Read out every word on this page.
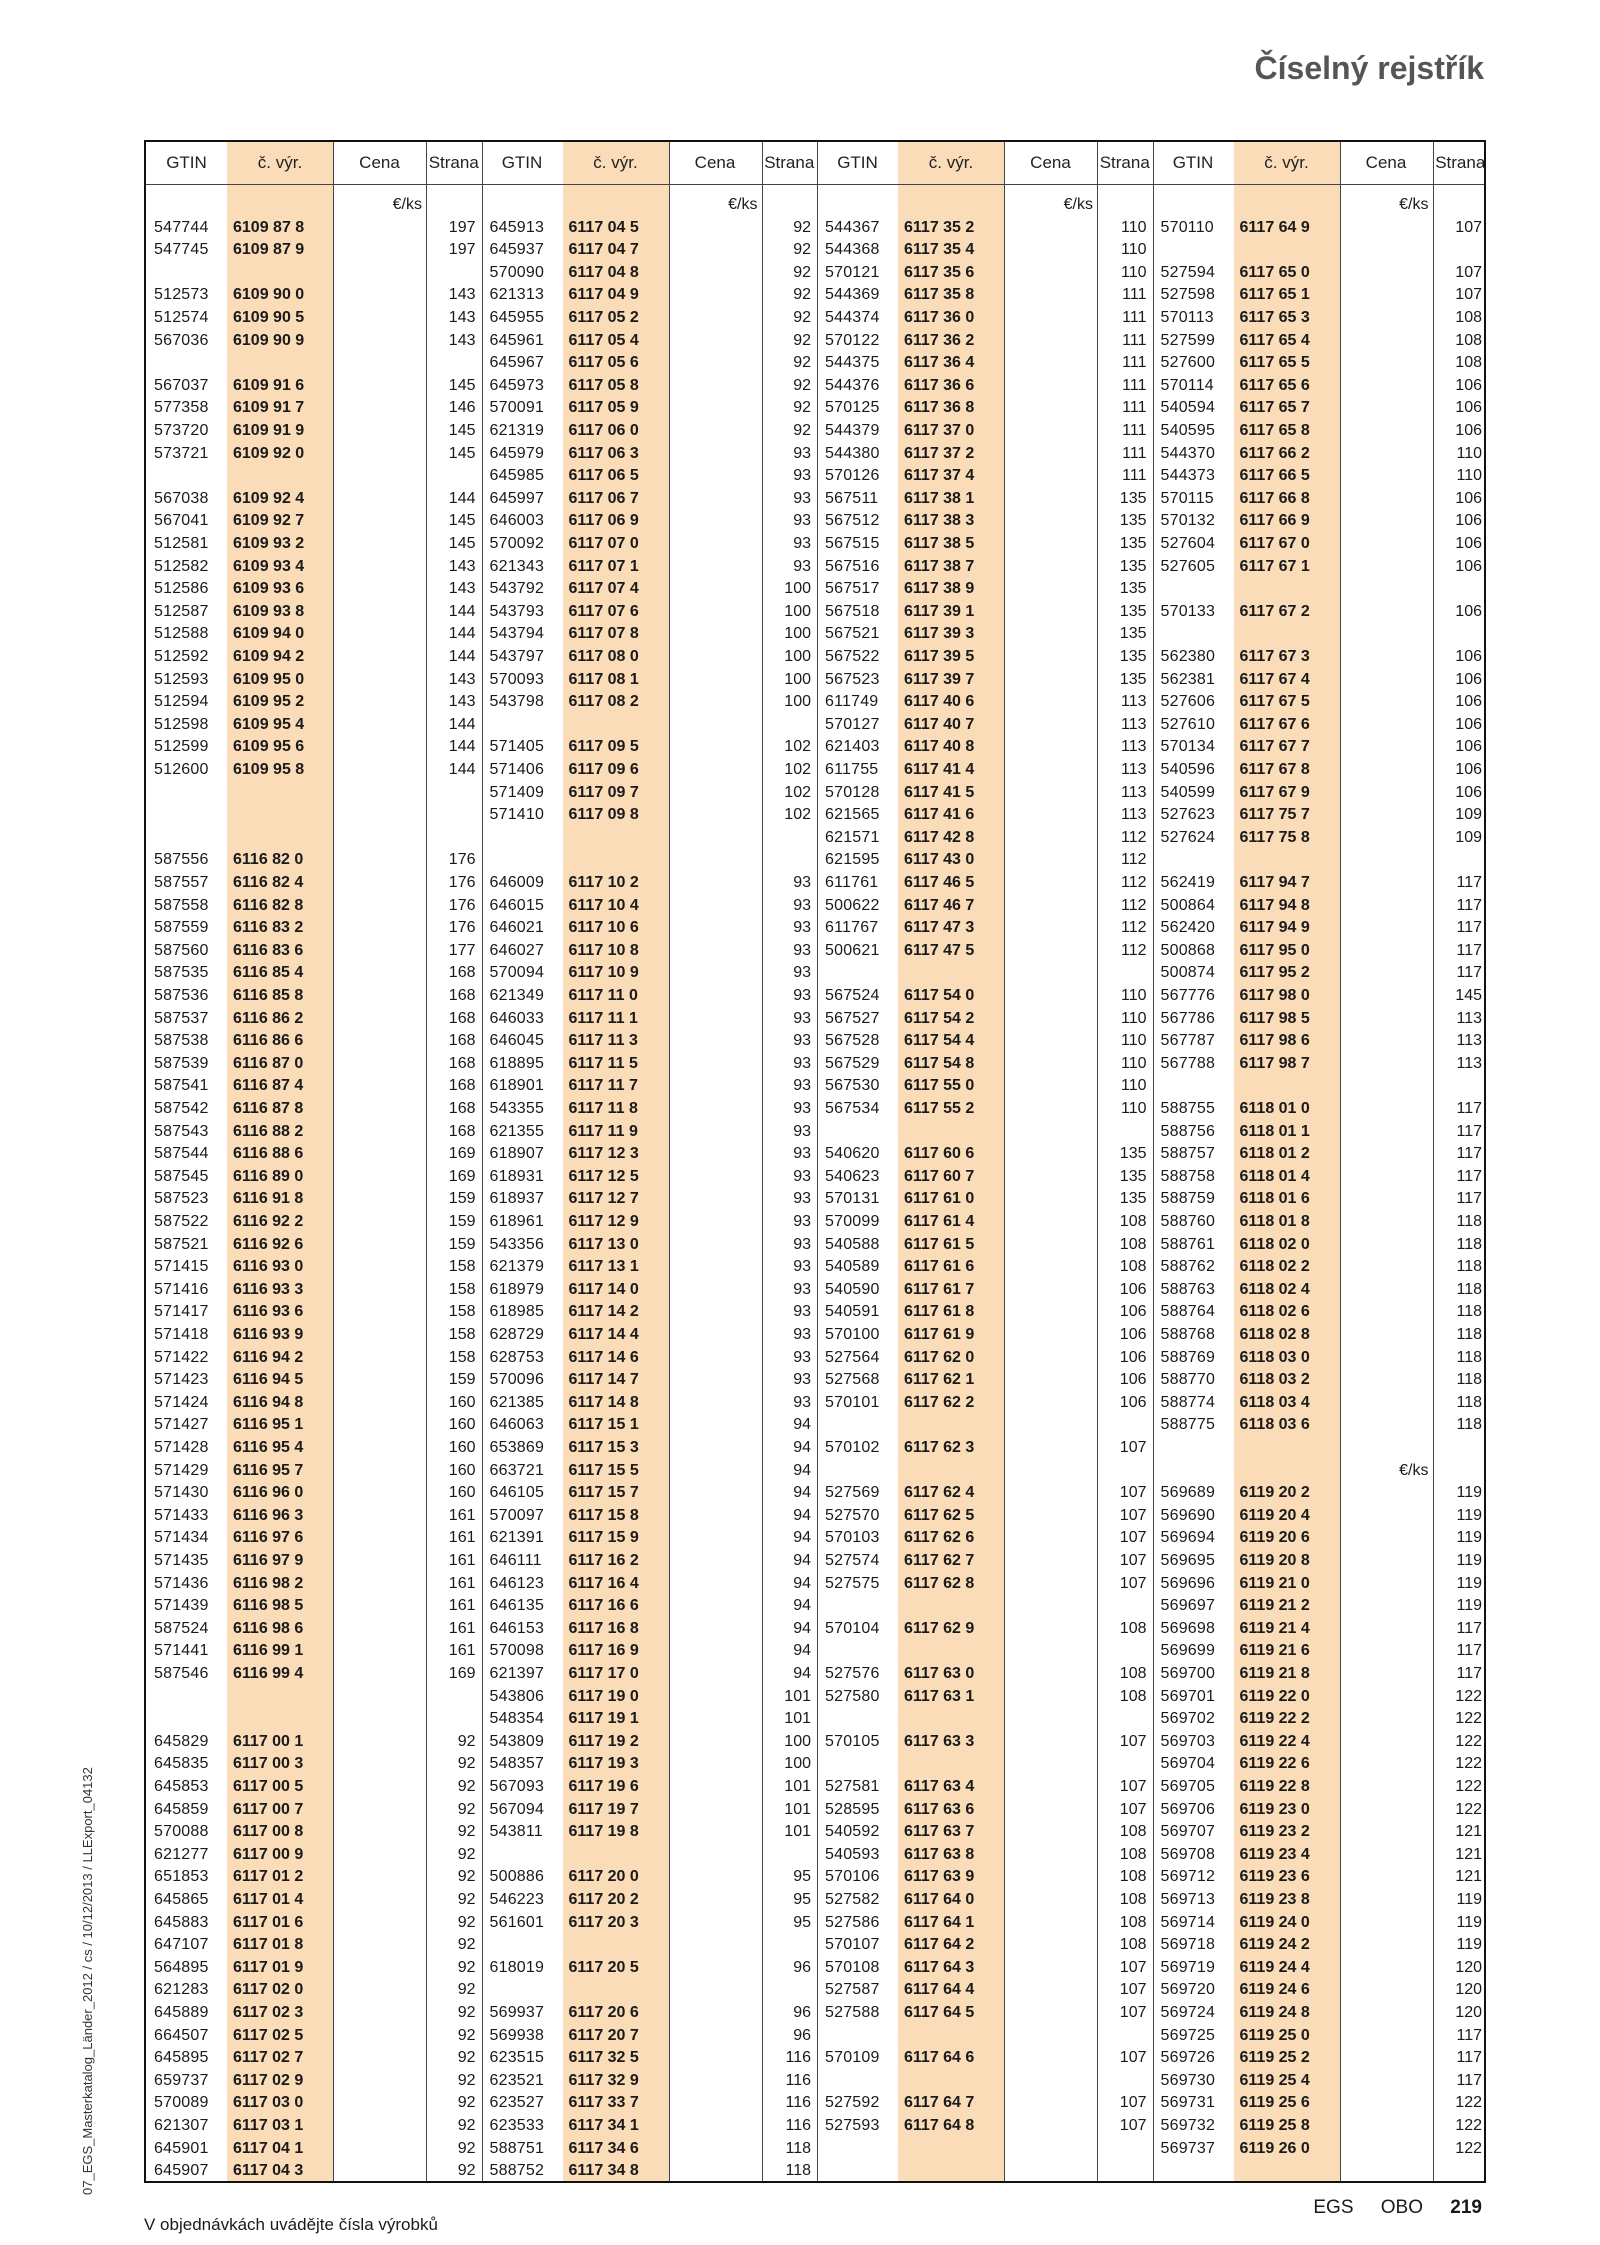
Číselný rejstřík
07_EGS_Masterkatalog_Länder_2012 / cs / 10/12/2013 / LLExport_04132
GTIN	č. výr.	Cena	Strana
€/ks
547744 6109 87 8	197
547745 6109 87 9	197
512573 6109 90 0	143
512574 6109 90 5	143
567036 6109 90 9	143
567037 6109 91 6	145
577358 6109 91 7	146
573720 6109 91 9	145
573721 6109 92 0	145
567038 6109 92 4	144
567041 6109 92 7	145
512581 6109 93 2	145
512582 6109 93 4	143
512586 6109 93 6	143
512587 6109 93 8	144
512588 6109 94 0	144
512592 6109 94 2	144
512593 6109 95 0	143
512594 6109 95 2	143
512598 6109 95 4	144
512599 6109 95 6	144
512600 6109 95 8	144
587556 6116 82 0	176
587557 6116 82 4	176
587558 6116 82 8	176
587559 6116 83 2	176
587560 6116 83 6	177
587535 6116 85 4	168
587536 6116 85 8	168
587537 6116 86 2	168
587538 6116 86 6	168
587539 6116 87 0	168
587541 6116 87 4	168
587542 6116 87 8	168
587543 6116 88 2	168
587544 6116 88 6	169
587545 6116 89 0	169
587523 6116 91 8	159
587522 6116 92 2	159
587521 6116 92 6	159
571415 6116 93 0	158
571416 6116 93 3	158
571417 6116 93 6	158
571418 6116 93 9	158
571422 6116 94 2	158
571423 6116 94 5	159
571424 6116 94 8	160
571427 6116 95 1	160
571428 6116 95 4	160
571429 6116 95 7	160
571430 6116 96 0	160
571433 6116 96 3	161
571434 6116 97 6	161
571435 6116 97 9	161
571436 6116 98 2	161
571439 6116 98 5	161
587524 6116 98 6	161
571441 6116 99 1	161
587546 6116 99 4	169
645829 6117 00 1	92
645835 6117 00 3	92
645853 6117 00 5	92
645859 6117 00 7	92
570088 6117 00 8	92
621277 6117 00 9	92
651853 6117 01 2	92
645865 6117 01 4	92
645883 6117 01 6	92
647107 6117 01 8	92
564895 6117 01 9	92
621283 6117 02 0	92
645889 6117 02 3	92
664507 6117 02 5	92
645895 6117 02 7	92
659737 6117 02 9	92
570089 6117 03 0	92
621307 6117 03 1	92
645901 6117 04 1	92
645907 6117 04 3	92
GTIN	č. výr.	Cena	Strana
€/ks
645913 6117 04 5	92
645937 6117 04 7	92
570090 6117 04 8	92
621313 6117 04 9	92
645955 6117 05 2	92
645961 6117 05 4	92
645967 6117 05 6	92
645973 6117 05 8	92
570091 6117 05 9	92
621319 6117 06 0	92
645979 6117 06 3	93
645985 6117 06 5	93
645997 6117 06 7	93
646003 6117 06 9	93
570092 6117 07 0	93
621343 6117 07 1	93
543792 6117 07 4	100
543793 6117 07 6	100
543794 6117 07 8	100
543797 6117 08 0	100
570093 6117 08 1	100
543798 6117 08 2	100
571405 6117 09 5	102
571406 6117 09 6	102
571409 6117 09 7	102
571410 6117 09 8	102
646009 6117 10 2	93
646015 6117 10 4	93
646021 6117 10 6	93
646027 6117 10 8	93
570094 6117 10 9	93
621349 6117 11 0	93
646033 6117 11 1	93
646045 6117 11 3	93
618895 6117 11 5	93
618901 6117 11 7	93
543355 6117 11 8	93
621355 6117 11 9	93
618907 6117 12 3	93
618931 6117 12 5	93
618937 6117 12 7	93
618961 6117 12 9	93
543356 6117 13 0	93
621379 6117 13 1	93
618979 6117 14 0	93
618985 6117 14 2	93
628729 6117 14 4	93
628753 6117 14 6	93
570096 6117 14 7	93
621385 6117 14 8	93
646063 6117 15 1	94
653869 6117 15 3	94
663721 6117 15 5	94
646105 6117 15 7	94
570097 6117 15 8	94
621391 6117 15 9	94
646111 6117 16 2	94
646123 6117 16 4	94
646135 6117 16 6	94
646153 6117 16 8	94
570098 6117 16 9	94
621397 6117 17 0	94
543806 6117 19 0	101
548354 6117 19 1	101
543809 6117 19 2	100
548357 6117 19 3	100
567093 6117 19 6	101
567094 6117 19 7	101
543811 6117 19 8	101
500886 6117 20 0	95
546223 6117 20 2	95
561601 6117 20 3	95
618019 6117 20 5	96
569937 6117 20 6	96
569938 6117 20 7	96
623515 6117 32 5	116
623521 6117 32 9	116
623527 6117 33 7	116
623533 6117 34 1	116
588751 6117 34 6	118
588752 6117 34 8	118
GTIN	č. výr.	Cena	Strana
€/ks
544367 6117 35 2	110
544368 6117 35 4	110
570121 6117 35 6	110
544369 6117 35 8	111
544374 6117 36 0	111
570122 6117 36 2	111
544375 6117 36 4	111
544376 6117 36 6	111
570125 6117 36 8	111
544379 6117 37 0	111
544380 6117 37 2	111
570126 6117 37 4	111
567511 6117 38 1	135
567512 6117 38 3	135
567515 6117 38 5	135
567516 6117 38 7	135
567517 6117 38 9	135
567518 6117 39 1	135
567521 6117 39 3	135
567522 6117 39 5	135
567523 6117 39 7	135
611749 6117 40 6	113
570127 6117 40 7	113
621403 6117 40 8	113
611755 6117 41 4	113
570128 6117 41 5	113
621565 6117 41 6	113
621571 6117 42 8	112
621595 6117 43 0	112
611761 6117 46 5	112
500622 6117 46 7	112
611767 6117 47 3	112
500621 6117 47 5	112
567524 6117 54 0	110
567527 6117 54 2	110
567528 6117 54 4	110
567529 6117 54 8	110
567530 6117 55 0	110
567534 6117 55 2	110
540620 6117 60 6	135
540623 6117 60 7	135
570131 6117 61 0	135
570099 6117 61 4	108
540588 6117 61 5	108
540589 6117 61 6	108
540590 6117 61 7	106
540591 6117 61 8	106
570100 6117 61 9	106
527564 6117 62 0	106
527568 6117 62 1	106
570101 6117 62 2	106
570102 6117 62 3	107
527569 6117 62 4	107
527570 6117 62 5	107
570103 6117 62 6	107
527574 6117 62 7	107
527575 6117 62 8	107
570104 6117 62 9	108
527576 6117 63 0	108
527580 6117 63 1	108
570105 6117 63 3	107
527581 6117 63 4	107
528595 6117 63 6	107
540592 6117 63 7	108
540593 6117 63 8	108
570106 6117 63 9	108
527582 6117 64 0	108
527586 6117 64 1	108
570107 6117 64 2	108
570108 6117 64 3	107
527587 6117 64 4	107
527588 6117 64 5	107
570109 6117 64 6	107
527592 6117 64 7	107
527593 6117 64 8	107
GTIN	č. výr.	Cena	Strana
€/ks
€/ks
570110 6117 64 9	107
527594 6117 65 0	107
527598 6117 65 1	107
570113 6117 65 3	108
527599 6117 65 4	108
527600 6117 65 5	108
570114 6117 65 6	106
540594 6117 65 7	106
540595 6117 65 8	106
544370 6117 66 2	110
544373 6117 66 5	110
570115 6117 66 8	106
570132 6117 66 9	106
527604 6117 67 0	106
527605 6117 67 1	106
570133 6117 67 2	106
562380 6117 67 3	106
562381 6117 67 4	106
527606 6117 67 5	106
527610 6117 67 6	106
570134 6117 67 7	106
540596 6117 67 8	106
540599 6117 67 9	106
527623 6117 75 7	109
527624 6117 75 8	109
562419 6117 94 7	117
500864 6117 94 8	117
562420 6117 94 9	117
500868 6117 95 0	117
500874 6117 95 2	117
567776 6117 98 0	145
567786 6117 98 5	113
567787 6117 98 6	113
567788 6117 98 7	113
588755 6118 01 0	117
588756 6118 01 1	117
588757 6118 01 2	117
588758 6118 01 4	117
588759 6118 01 6	117
588760 6118 01 8	118
588761 6118 02 0	118
588762 6118 02 2	118
588763 6118 02 4	118
588764 6118 02 6	118
588768 6118 02 8	118
588769 6118 03 0	118
588770 6118 03 2	118
588774 6118 03 4	118
588775 6118 03 6	118
569689 6119 20 2	119
569690 6119 20 4	119
569694 6119 20 6	119
569695 6119 20 8	119
569696 6119 21 0	119
569697 6119 21 2	119
569698 6119 21 4	117
569699 6119 21 6	117
569700 6119 21 8	117
569701 6119 22 0	122
569702 6119 22 2	122
569703 6119 22 4	122
569704 6119 22 6	122
569705 6119 22 8	122
569706 6119 23 0	122
569707 6119 23 2	121
569708 6119 23 4	121
569712 6119 23 6	121
569713 6119 23 8	119
569714 6119 24 0	119
569718 6119 24 2	119
569719 6119 24 4	120
569720 6119 24 6	120
569724 6119 24 8	120
569725 6119 25 0	117
569726 6119 25 2	117
569730 6119 25 4	117
569731 6119 25 6	122
569732 6119 25 8	122
569737 6119 26 0	122
V objednávkách uvádějte čísla výrobků
EGS OBO 219
